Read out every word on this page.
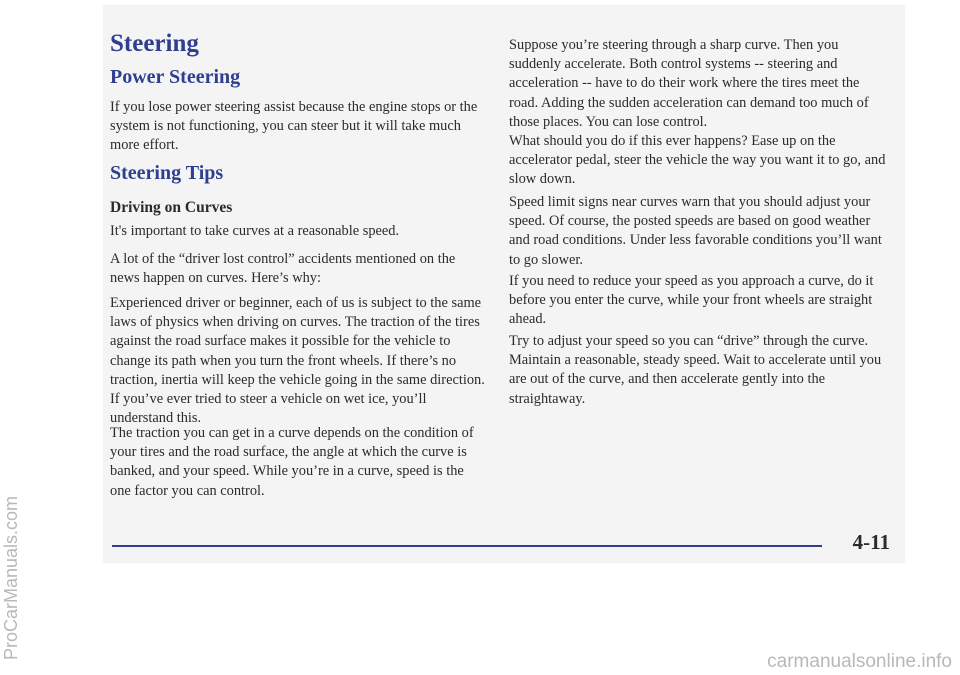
Steering
Power Steering

If you lose power steering assist because the engine stops or the system is not functioning, you can steer but it will take much more effort.

Steering Tips
Driving on Curves

It's important to take curves at a reasonable speed.

A lot of the “driver lost control” accidents mentioned on the news happen on curves. Here’s why:

Experienced driver or beginner, each of us is subject to the same laws of physics when driving on curves. The traction of the tires against the road surface makes it possible for the vehicle to change its path when you turn the front wheels. If there’s no traction, inertia will keep the vehicle going in the same direction. If you’ve ever tried to steer a vehicle on wet ice, you’ll understand this.

The traction you can get in a curve depends on the condition of your tires and the road surface, the angle at which the curve is banked, and your speed. While you’re in a curve, speed is the one factor you can control.

Suppose you’re steering through a sharp curve. Then you suddenly accelerate. Both control systems -- steering and acceleration -- have to do their work where the tires meet the road. Adding the sudden acceleration can demand too much of those places. You can lose control.

What should you do if this ever happens? Ease up on the accelerator pedal, steer the vehicle the way you want it to go, and slow down.

Speed limit signs near curves warn that you should adjust your speed. Of course, the posted speeds are based on good weather and road conditions. Under less favorable conditions you’ll want to go slower.

If you need to reduce your speed as you approach a curve, do it before you enter the curve, while your front wheels are straight ahead.

Try to adjust your speed so you can “drive” through the curve. Maintain a reasonable, steady speed. Wait to accelerate until you are out of the curve, and then accelerate gently into the straightaway.

4-11

ProCarManuals.com

carmanualsonline.info
